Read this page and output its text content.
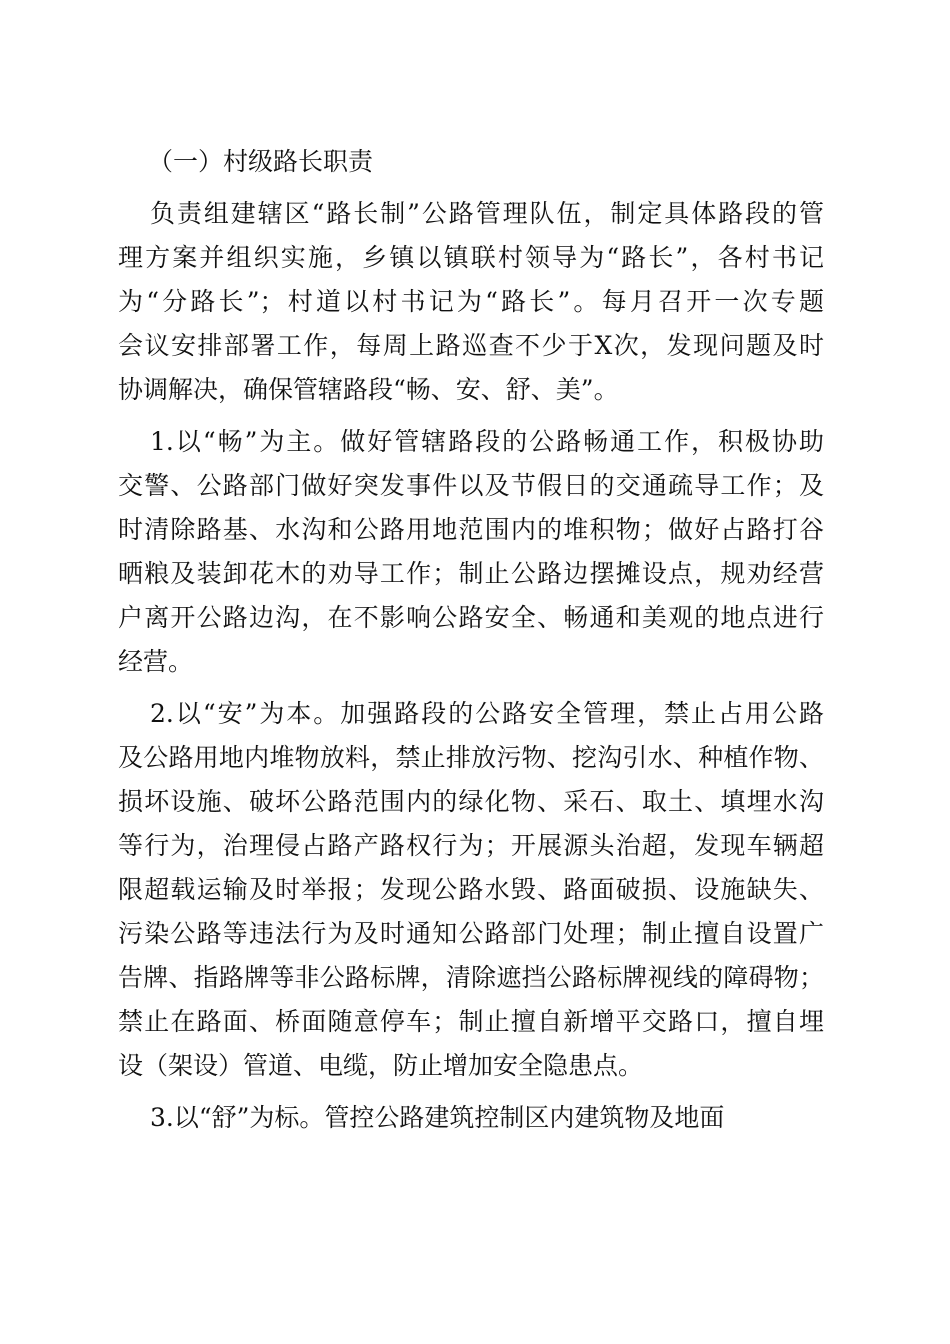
（一）村级路长职责
负责组建辖区“路长制”公路管理队伍，制定具体路段的管
理方案并组织实施，乡镇以镇联村领导为“路长”，各村书记
为“分路长”；村道以村书记为“路长”。每月召开一次专题
会议安排部署工作，每周上路巡查不少于X次，发现问题及时
协调解决，确保管辖路段“畅、安、舒、美”。
1.以“畅”为主。做好管辖路段的公路畅通工作，积极协助
交警、公路部门做好突发事件以及节假日的交通疏导工作；及
时清除路基、水沟和公路用地范围内的堆积物；做好占路打谷
晒粮及装卸花木的劝导工作；制止公路边摆摊设点，规劝经营
户离开公路边沟，在不影响公路安全、畅通和美观的地点进行
经营。
2.以“安”为本。加强路段的公路安全管理，禁止占用公路
及公路用地内堆物放料，禁止排放污物、挖沟引水、种植作物、
损坏设施、破坏公路范围内的绿化物、采石、取土、填埋水沟
等行为，治理侵占路产路权行为；开展源头治超，发现车辆超
限超载运输及时举报；发现公路水毁、路面破损、设施缺失、
污染公路等违法行为及时通知公路部门处理；制止擅自设置广
告牌、指路牌等非公路标牌，清除遮挡公路标牌视线的障碍物；
禁止在路面、桥面随意停车；制止擅自新增平交路口，擅自埋
设（架设）管道、电缆，防止增加安全隐患点。
3.以“舒”为标。管控公路建筑控制区内建筑物及地面
